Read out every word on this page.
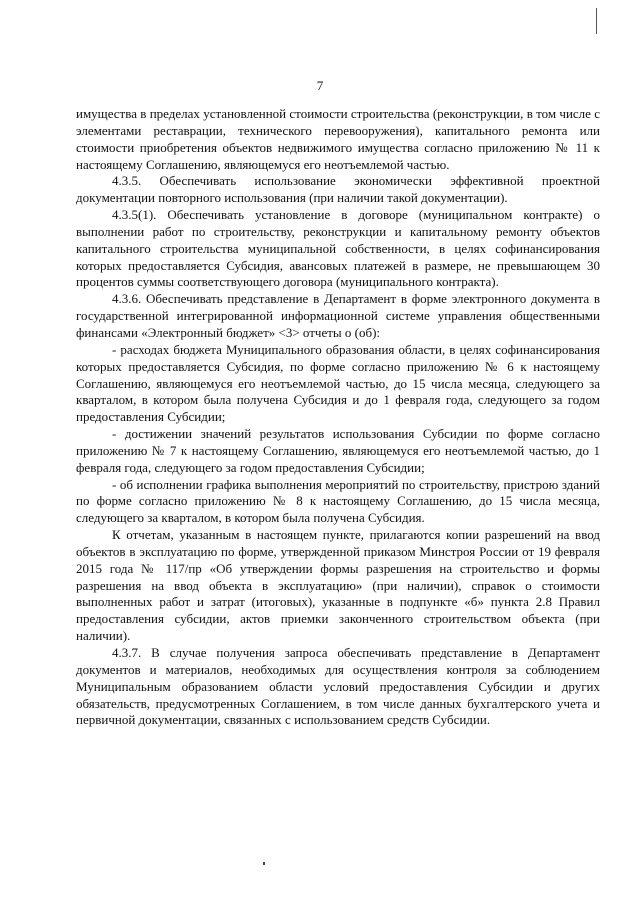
7

имущества в пределах установленной стоимости строительства (реконструкции, в том числе с элементами реставрации, технического перевооружения), капитального ремонта или стоимости приобретения объектов недвижимого имущества согласно приложению № 11 к настоящему Соглашению, являющемуся его неотъемлемой частью.

4.3.5. Обеспечивать использование экономически эффективной проектной документации повторного использования (при наличии такой документации).

4.3.5(1). Обеспечивать установление в договоре (муниципальном контракте) о выполнении работ по строительству, реконструкции и капитальному ремонту объектов капитального строительства муниципальной собственности, в целях софинансирования которых предоставляется Субсидия, авансовых платежей в размере, не превышающем 30 процентов суммы соответствующего договора (муниципального контракта).

4.3.6. Обеспечивать представление в Департамент в форме электронного документа в государственной интегрированной информационной системе управления общественными финансами «Электронный бюджет» <3> отчеты о (об):

- расходах бюджета Муниципального образования области, в целях софинансирования которых предоставляется Субсидия, по форме согласно приложению № 6 к настоящему Соглашению, являющемуся его неотъемлемой частью, до 15 числа месяца, следующего за кварталом, в котором была получена Субсидия и до 1 февраля года, следующего за годом предоставления Субсидии;

- достижении значений результатов использования Субсидии по форме согласно приложению № 7 к настоящему Соглашению, являющемуся его неотъемлемой частью, до 1 февраля года, следующего за годом предоставления Субсидии;

- об исполнении графика выполнения мероприятий по строительству, пристрою зданий по форме согласно приложению № 8 к настоящему Соглашению, до 15 числа месяца, следующего за кварталом, в котором была получена Субсидия.

К отчетам, указанным в настоящем пункте, прилагаются копии разрешений на ввод объектов в эксплуатацию по форме, утвержденной приказом Минстроя России от 19 февраля 2015 года № 117/пр «Об утверждении формы разрешения на строительство и формы разрешения на ввод объекта в эксплуатацию» (при наличии), справок о стоимости выполненных работ и затрат (итоговых), указанные в подпункте «б» пункта 2.8 Правил предоставления субсидии, актов приемки законченного строительством объекта (при наличии).

4.3.7. В случае получения запроса обеспечивать представление в Департамент документов и материалов, необходимых для осуществления контроля за соблюдением Муниципальным образованием области условий предоставления Субсидии и других обязательств, предусмотренных Соглашением, в том числе данных бухгалтерского учета и первичной документации, связанных с использованием средств Субсидии.
